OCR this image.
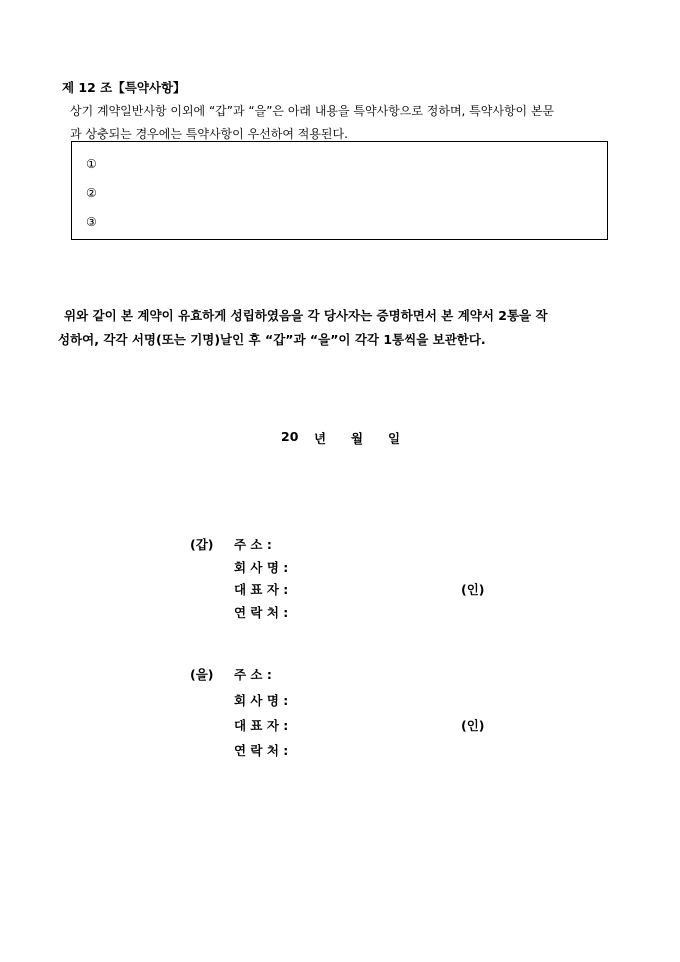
제 12 조【특약사항】
상기 계약일반사항 이외에 “갑”과 “을”은 아래 내용을 특약사항으로 정하며, 특약사항이 본문
과 상충되는 경우에는 특약사항이 우선하여 적용된다.
①
②
③
위와 같이 본 계약이 유효하게 성립하였음을 각 당사자는 증명하면서 본 계약서 2통을 작
성하여, 각각 서명(또는 기명)날인 후 “갑”과 “을”이 각각 1통씩을 보관한다.
20 년 월 일
(갑) 주 소 :
회 사 명 :
대 표 자 :	(인)
연 락 처 :
(을) 주 소 :
회 사 명 :
대 표 자 :	(인)
연 락 처 :
